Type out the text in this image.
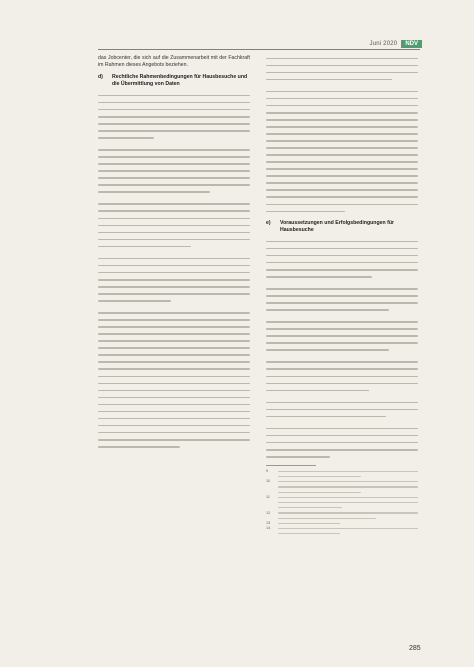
Juni 2020	NDV
das Jobcenter, die sich auf die Zusammenarbeit mit der Fachkraft im Rahmen dieses Angebots beziehen.
d)	Rechtliche Rahmenbedingungen für Hausbesuche und die Übermittlung von Daten
e)	Voraussetzungen und Erfolgsbedingungen für Hausbesuche
9
10
11
12
13
14
285
